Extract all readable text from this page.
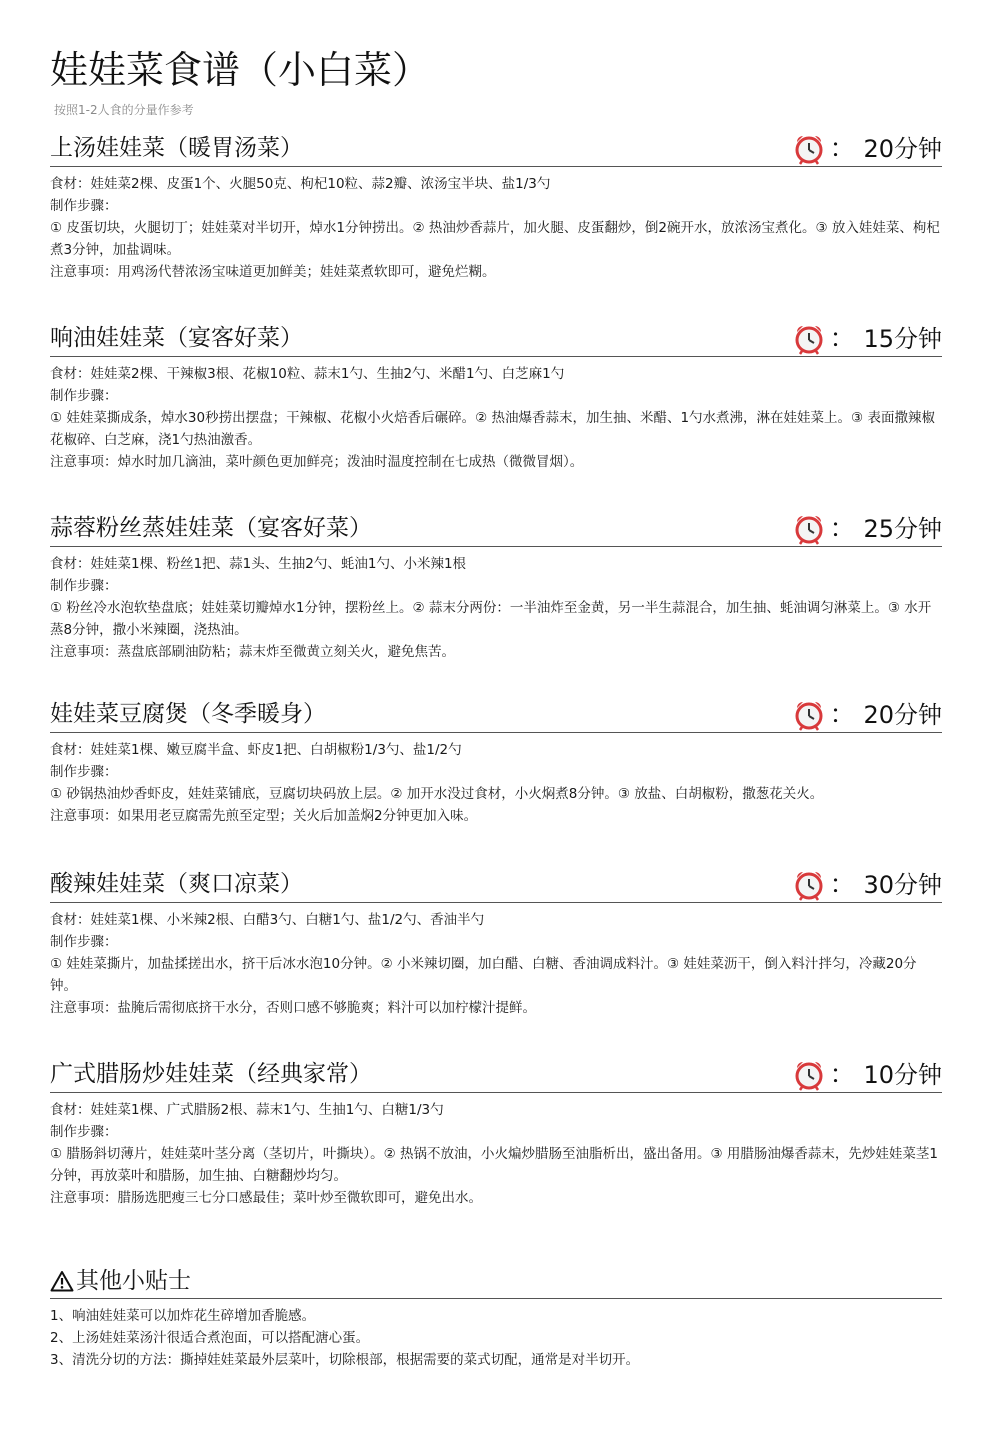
娃娃菜食谱（小白菜）
按照1-2人食的分量作参考
上汤娃娃菜（暖胃汤菜）	： 20分钟
食材：娃娃菜2棵、皮蛋1个、火腿50克、枸杞10粒、蒜2瓣、浓汤宝半块、盐1/3勺
制作步骤：
① 皮蛋切块，火腿切丁；娃娃菜对半切开，焯水1分钟捞出。② 热油炒香蒜片，加火腿、皮蛋翻炒，倒2碗开水，放浓汤宝煮化。③ 放入娃娃菜、枸杞煮3分钟，加盐调味。
注意事项：用鸡汤代替浓汤宝味道更加鲜美；娃娃菜煮软即可，避免烂糊。
响油娃娃菜（宴客好菜）	： 15分钟
食材：娃娃菜2棵、干辣椒3根、花椒10粒、蒜末1勺、生抽2勺、米醋1勺、白芝麻1勺
制作步骤：
① 娃娃菜撕成条，焯水30秒捞出摆盘；干辣椒、花椒小火焙香后碾碎。② 热油爆香蒜末，加生抽、米醋、1勺水煮沸，淋在娃娃菜上。③ 表面撒辣椒花椒碎、白芝麻，浇1勺热油激香。
注意事项：焯水时加几滴油，菜叶颜色更加鲜亮；泼油时温度控制在七成热（微微冒烟）。
蒜蓉粉丝蒸娃娃菜（宴客好菜）	： 25分钟
食材：娃娃菜1棵、粉丝1把、蒜1头、生抽2勺、蚝油1勺、小米辣1根
制作步骤：
① 粉丝冷水泡软垫盘底；娃娃菜切瓣焯水1分钟，摆粉丝上。② 蒜末分两份：一半油炸至金黄，另一半生蒜混合，加生抽、蚝油调匀淋菜上。③ 水开蒸8分钟，撒小米辣圈，浇热油。
注意事项：蒸盘底部刷油防粘；蒜末炸至微黄立刻关火，避免焦苦。
娃娃菜豆腐煲（冬季暖身）	： 20分钟
食材：娃娃菜1棵、嫩豆腐半盒、虾皮1把、白胡椒粉1/3勺、盐1/2勺
制作步骤：
① 砂锅热油炒香虾皮，娃娃菜铺底，豆腐切块码放上层。② 加开水没过食材，小火焖煮8分钟。③ 放盐、白胡椒粉，撒葱花关火。
注意事项：如果用老豆腐需先煎至定型；关火后加盖焖2分钟更加入味。
酸辣娃娃菜（爽口凉菜）	： 30分钟
食材：娃娃菜1棵、小米辣2根、白醋3勺、白糖1勺、盐1/2勺、香油半勺
制作步骤：
① 娃娃菜撕片，加盐揉搓出水，挤干后冰水泡10分钟。② 小米辣切圈，加白醋、白糖、香油调成料汁。③ 娃娃菜沥干，倒入料汁拌匀，冷藏20分钟。
注意事项：盐腌后需彻底挤干水分，否则口感不够脆爽；料汁可以加柠檬汁提鲜。
广式腊肠炒娃娃菜（经典家常）	： 10分钟
食材：娃娃菜1棵、广式腊肠2根、蒜末1勺、生抽1勺、白糖1/3勺
制作步骤：
① 腊肠斜切薄片，娃娃菜叶茎分离（茎切片，叶撕块）。② 热锅不放油，小火煸炒腊肠至油脂析出，盛出备用。③ 用腊肠油爆香蒜末，先炒娃娃菜茎1分钟，再放菜叶和腊肠，加生抽、白糖翻炒均匀。
注意事项：腊肠选肥瘦三七分口感最佳；菜叶炒至微软即可，避免出水。
其他小贴士
1、响油娃娃菜可以加炸花生碎增加香脆感。
2、上汤娃娃菜汤汁很适合煮泡面，可以搭配溏心蛋。
3、清洗分切的方法：撕掉娃娃菜最外层菜叶，切除根部，根据需要的菜式切配，通常是对半切开。
